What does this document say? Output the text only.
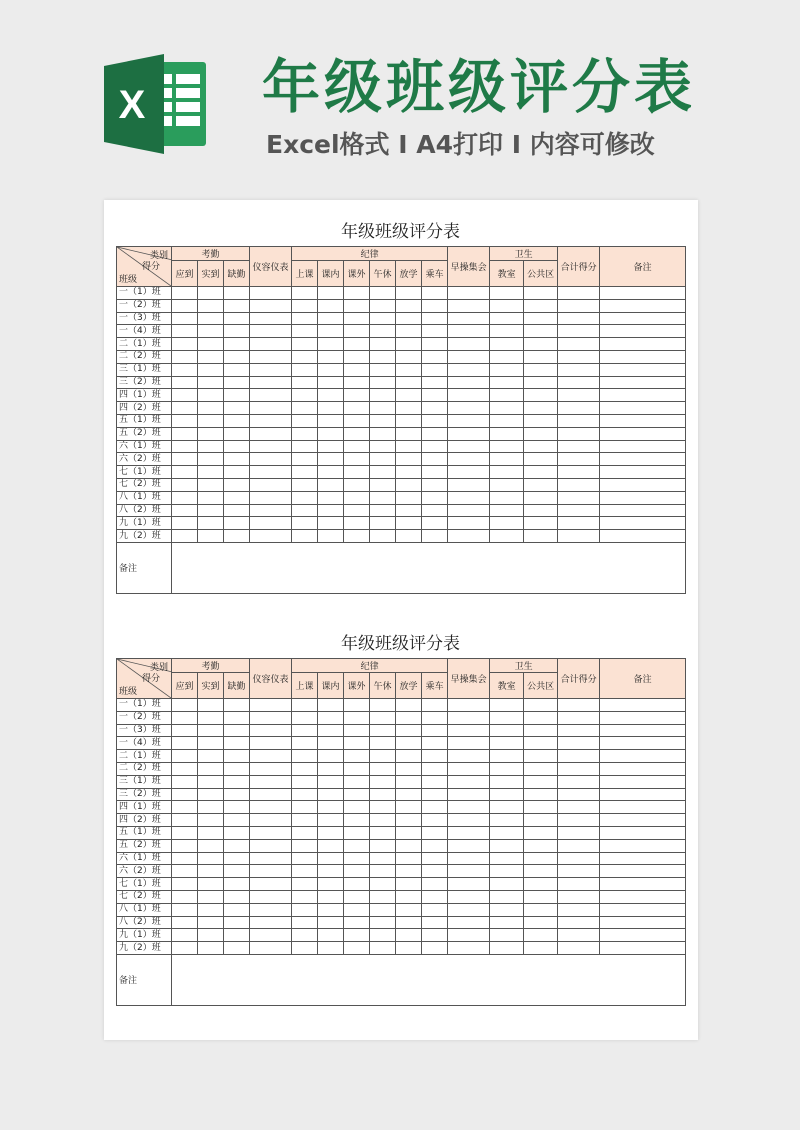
X 年级班级评分表
Excel格式 Ⅰ A4打印 Ⅰ 内容可修改
年级班级评分表
类别
得分
班级	考勤			仪容仪表	纪律						早操集会	卫生		合计得分	备注
	应到	实到	缺勤		上课	课内	课外	午休	放学	乘车		教室	公共区		
一（1）班															
一（2）班															
一（3）班															
一（4）班															
二（1）班															
二（2）班															
三（1）班															
三（2）班															
四（1）班															
四（2）班															
五（1）班															
五（2）班															
六（1）班															
六（2）班															
七（1）班															
七（2）班															
八（1）班															
八（2）班															
九（1）班															
九（2）班															
备注															
年级班级评分表
类别
得分
班级	考勤			仪容仪表	纪律						早操集会	卫生		合计得分	备注
	应到	实到	缺勤		上课	课内	课外	午休	放学	乘车		教室	公共区		
一（1）班															
一（2）班															
一（3）班															
一（4）班															
二（1）班															
二（2）班															
三（1）班															
三（2）班															
四（1）班															
四（2）班															
五（1）班															
五（2）班															
六（1）班															
六（2）班															
七（1）班															
七（2）班															
八（1）班															
八（2）班															
九（1）班															
九（2）班															
备注															
